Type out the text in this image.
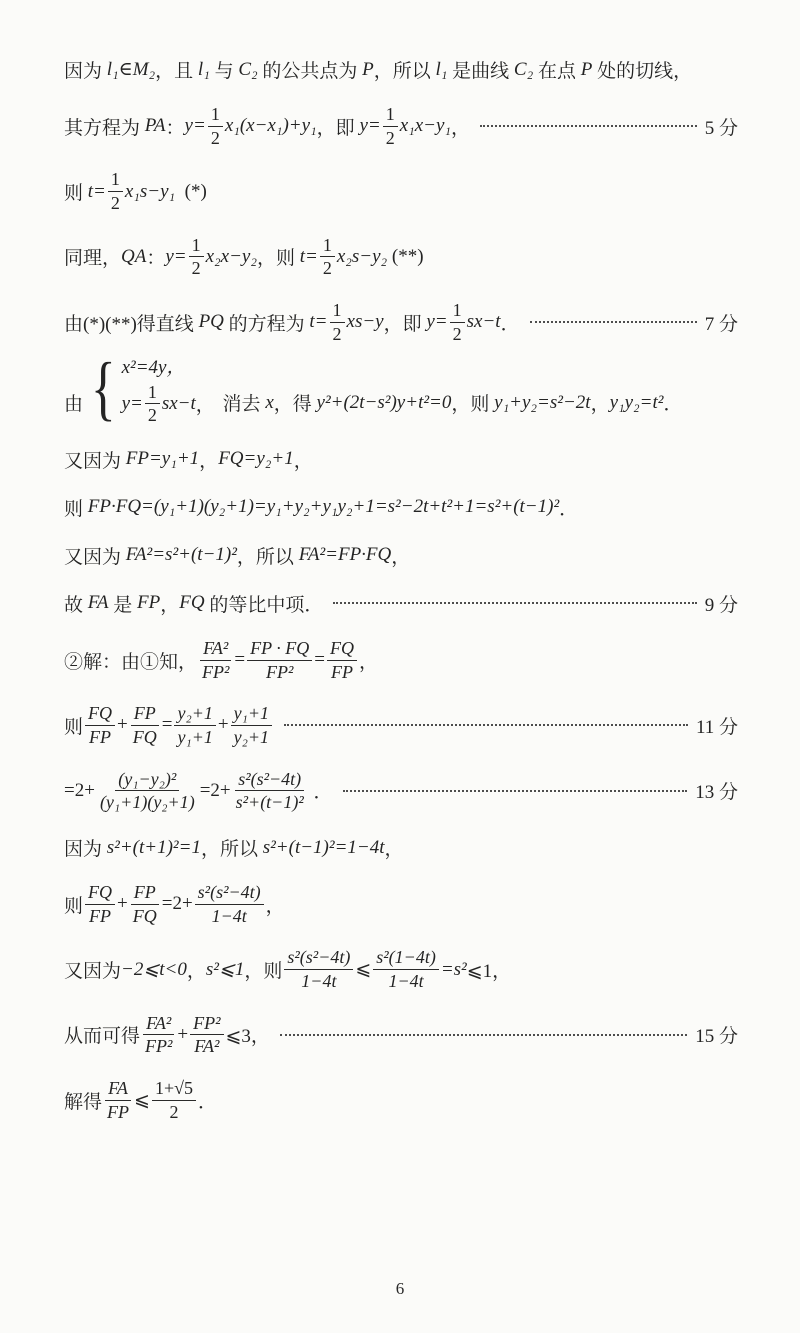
因为 l₁∈M₂ ，且 l₁ 与 C₂ 的公共点为 P ，所以 l₁ 是曲线 C₂ 在点 P 处的切线，
其方程为 PA ： $y= \frac{1}{2} x_1(x-x_1)+y_1$ ，即 $y= \frac{1}{2} x_1x-y_1$ ，	5 分
则 $t= \frac{1}{2} x_1s-y_1$ (*)
同理， QA ： $y= \frac{1}{2} x_2x-y_2$ ，则 $t= \frac{1}{2} x_2s-y_2$ (**)
由(*)(**)得直线 PQ 的方程为 $t= \frac{1}{2} xs-y$ ，即 $y= \frac{1}{2} sx-t$ ．	7 分
由 { x²=4y，
$y= \frac{1}{2} sx-t$ ， 消去 x ，得 y²+(2t−s²)y+t²=0 ，则 y₁+y₂=s²−2t ， y₁y₂=t² ．
又因为 FP=y₁+1 ， FQ=y₂+1 ，
则 FP·FQ=(y₁+1)(y₂+1)=y₁+y₂+y₁y₂+1=s²−2t+t²+1=s²+(t−1)² ．
又因为 FA²=s²+(t−1)² ，所以 FA²=FP·FQ ，
故 FA 是 FP ， FQ 的等比中项．	9 分
②解：由①知， $\frac{\text{FA²}}{\text{FP²}} = \frac{FP \cdot FQ}{\text{FP²}} = \frac{FQ}{FP}$ ，
则 $\frac{FQ}{FP} + \frac{FP}{FQ} = \frac{\text{y₂+1}}{\text{y₁+1}} + \frac{\text{y₁+1}}{\text{y₂+1}}$	11 分
$=2+ \frac{\text{(y₁−y₂)²}}{\text{(y₁+1)(y₂+1)}} =2+ \frac{\text{s²(s²−4t)}}{\text{s²+(t−1)²}}$ ．	13 分
因为 s²+(t+1)²=1 ，所以 s²+(t−1)²=1−4t ，
则 $\frac{FQ}{FP} + \frac{FP}{FQ} =2+ \frac{\text{s²(s²−4t)}}{1-4t}$ ，
又因为 −2⩽t<0 ， s²⩽1 ，则 $\frac{\text{s²(s²−4t)}}{1-4t}$ ⩽ $\frac{\text{s²(1−4t)}}{1-4t} =s^2$ ⩽1，
从而可得 $\frac{\text{FA²}}{\text{FP²}} + \frac{\text{FP²}}{\text{FA²}}$ ⩽3，	15 分
解得 $\frac{FA}{FP}$ ⩽ $\frac{1+√5}{2}$ ．
6
